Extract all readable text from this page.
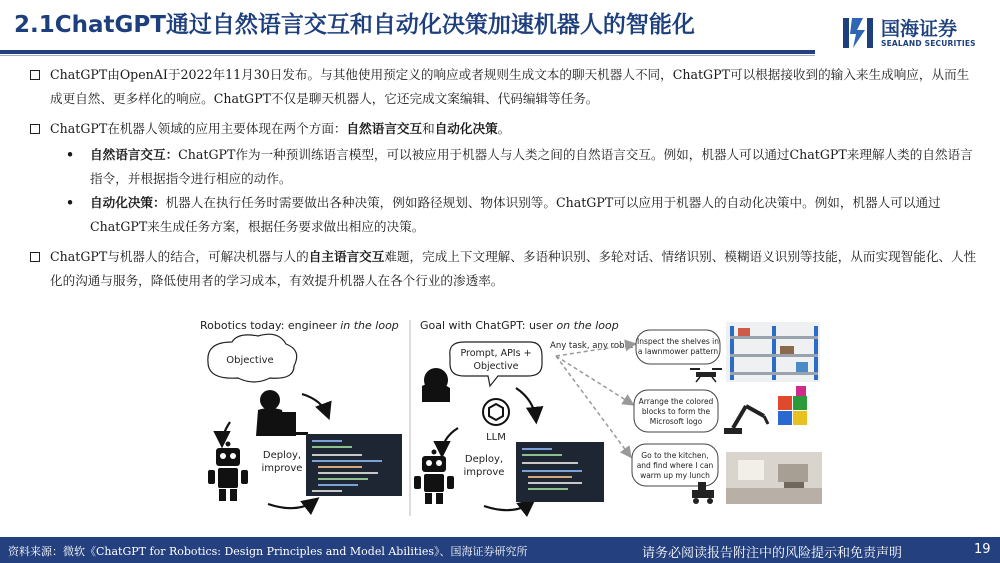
2.1ChatGPT通过自然语言交互和自动化决策加速机器人的智能化	国海证券
SEALAND SECURITIES
ChatGPT由OpenAI于2022年11月30日发布。与其他使用预定义的响应或者规则生成文本的聊天机器人不同，ChatGPT可以根据接收到的输入来生成响应，从而生成更自然、更多样化的响应。ChatGPT不仅是聊天机器人，它还完成文案编辑、代码编辑等任务。
ChatGPT在机器人领域的应用主要体现在两个方面：自然语言交互和自动化决策。
• 自然语言交互：ChatGPT作为一种预训练语言模型，可以被应用于机器人与人类之间的自然语言交互。例如，机器人可以通过ChatGPT来理解人类的自然语言指令，并根据指令进行相应的动作。
• 自动化决策：机器人在执行任务时需要做出各种决策，例如路径规划、物体识别等。ChatGPT可以应用于机器人的自动化决策中。例如，机器人可以通过ChatGPT来生成任务方案，根据任务要求做出相应的决策。
ChatGPT与机器人的结合，可解决机器与人的自主语言交互难题，完成上下文理解、多语种识别、多轮对话、情绪识别、模糊语义识别等技能，从而实现智能化、人性化的沟通与服务，降低使用者的学习成本，有效提升机器人在各个行业的渗透率。
Robotics today: engineer in the loop Goal with ChatGPT: user on the loop
Objective
Deploy,
improve
Prompt, APIs +
Objective
Any task, any robot
LLM
Deploy,
improve
Inspect the shelves in
a lawnmower pattern
Arrange the colored
blocks to form the
Microsoft logo
Go to the kitchen,
and find where I can
warm up my lunch
资料来源：微软《ChatGPT for Robotics: Design Principles and Model Abilities》、国海证券研究所	请务必阅读报告附注中的风险提示和免责声明	19
